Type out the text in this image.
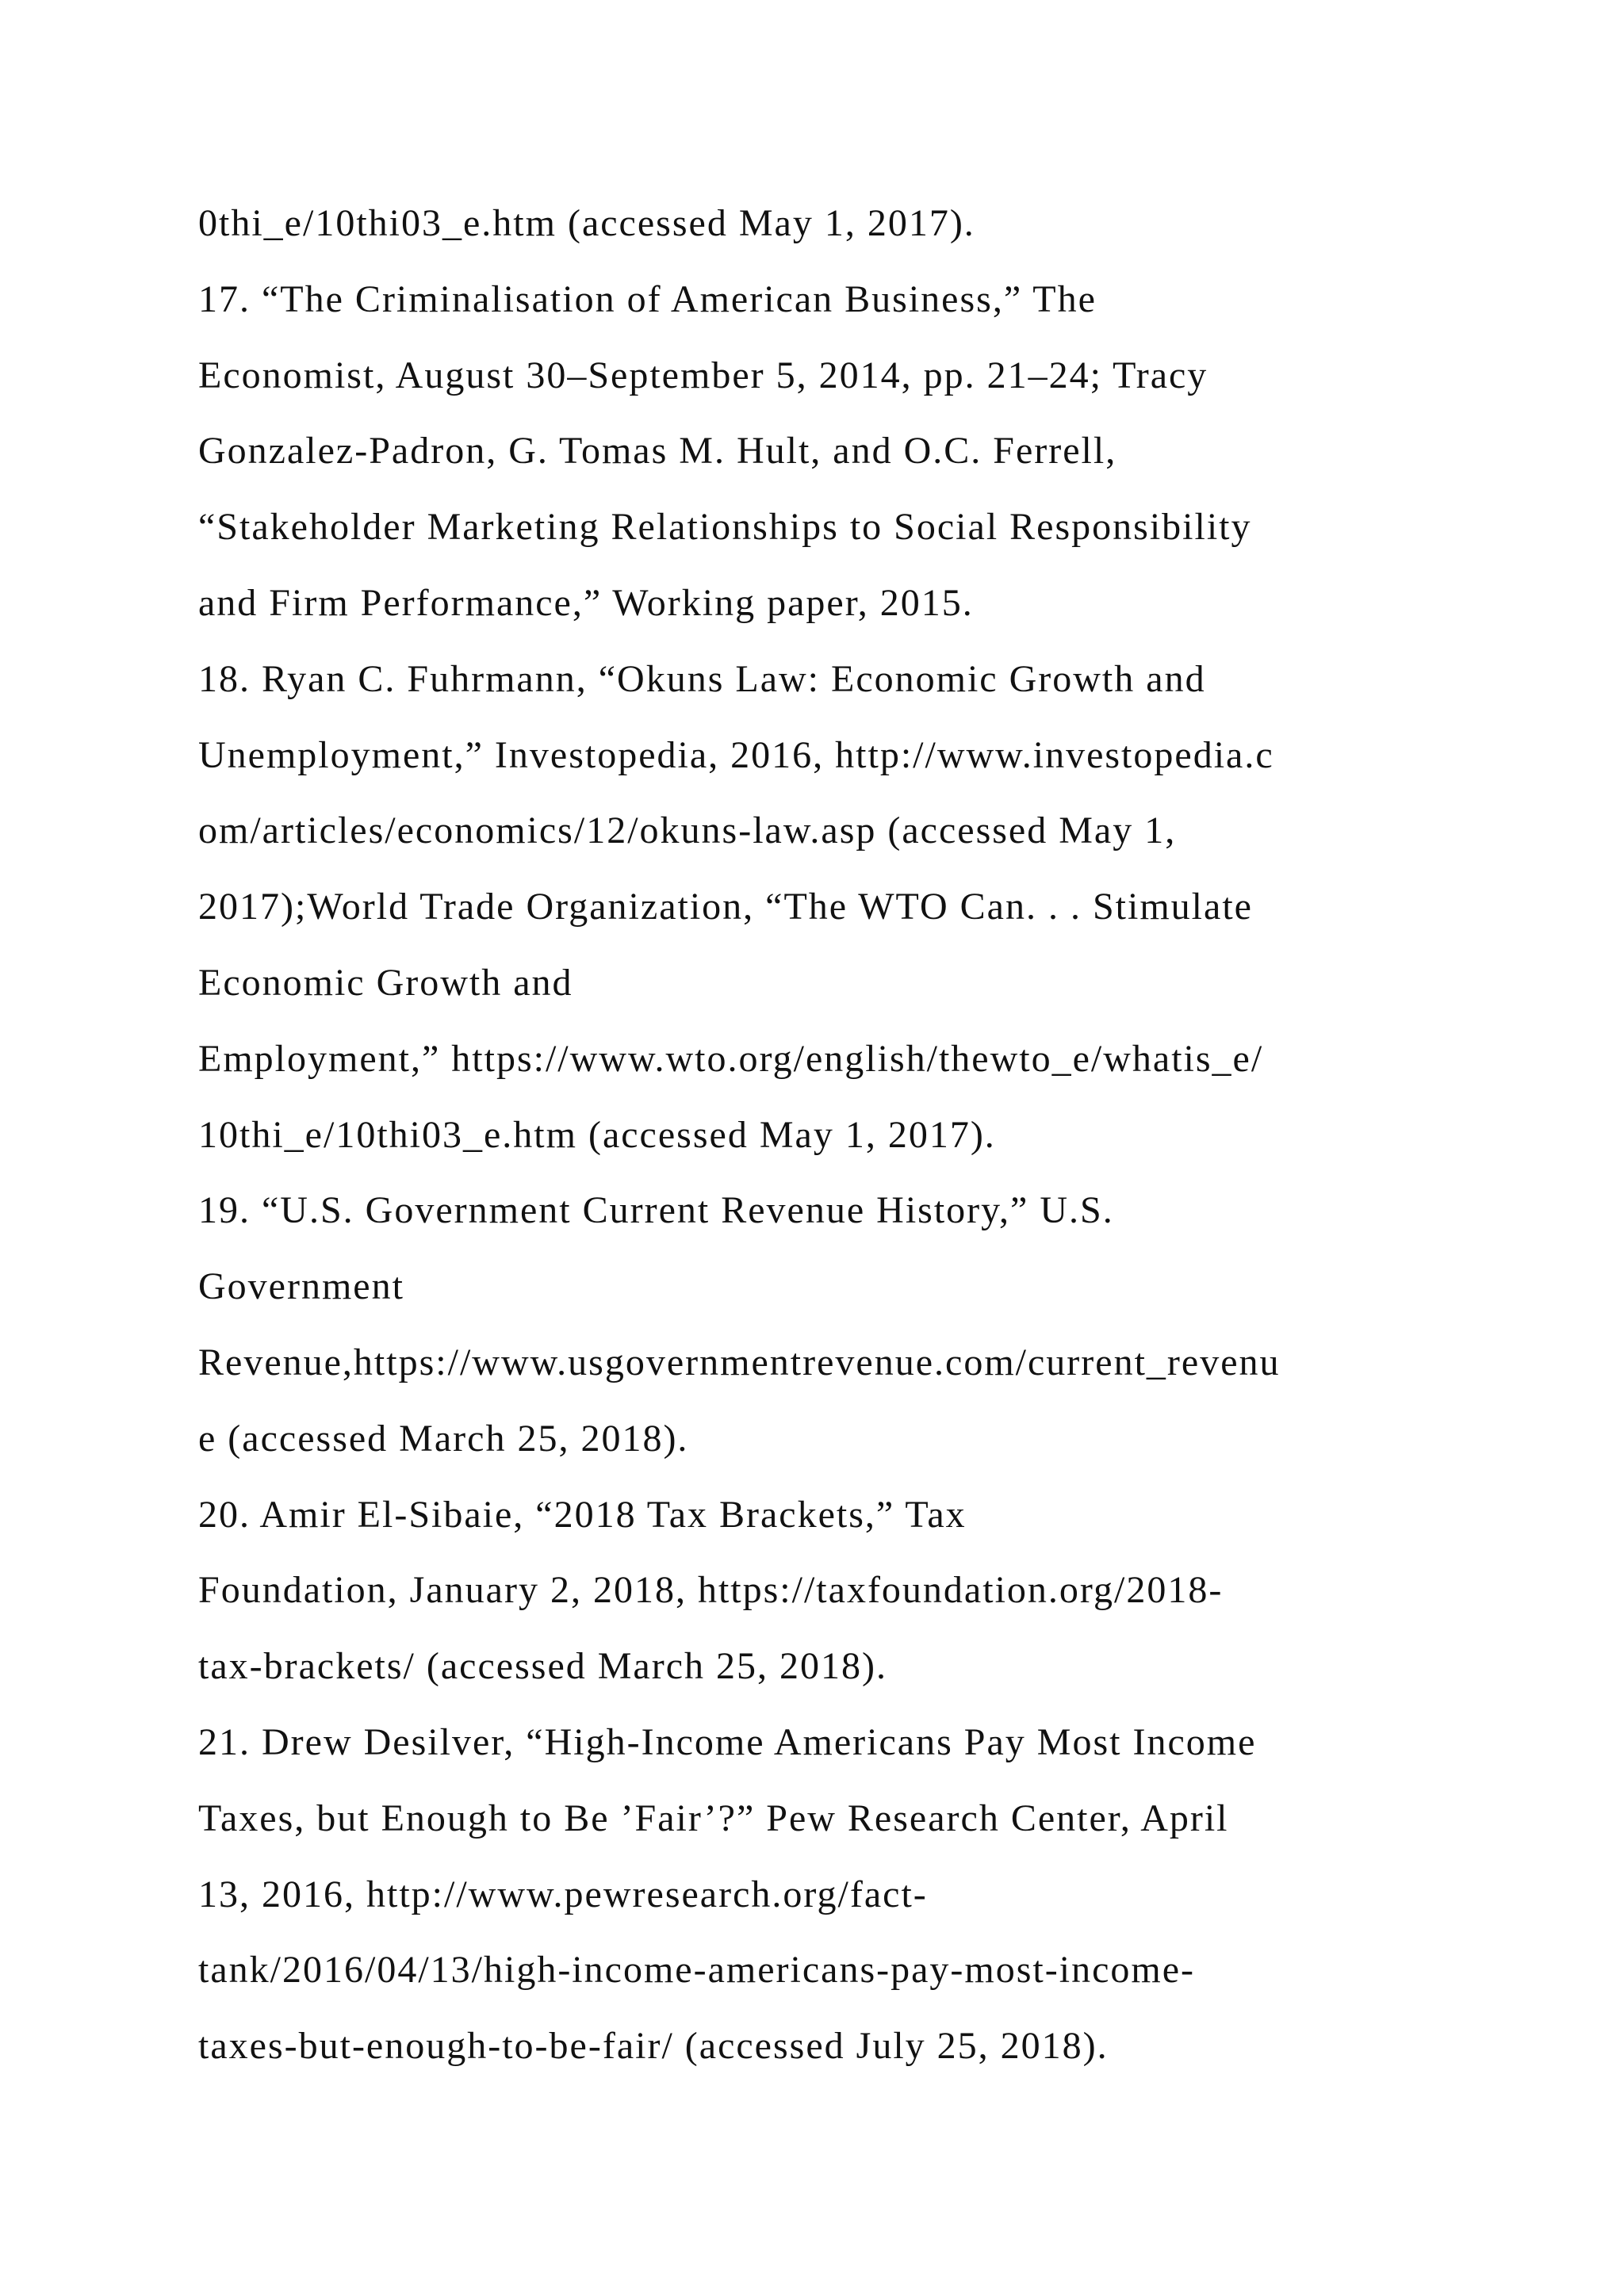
0thi_e/10thi03_e.htm (accessed May 1, 2017).

17. “The Criminalisation of American Business,” The

Economist, August 30–September 5, 2014, pp. 21–24; Tracy

Gonzalez-Padron, G. Tomas M. Hult, and O.C. Ferrell,

“Stakeholder Marketing Relationships to Social Responsibility

and Firm Performance,” Working paper, 2015.

18. Ryan C. Fuhrmann, “Okuns Law: Economic Growth and

Unemployment,” Investopedia, 2016, http://www.investopedia.c

om/articles/economics/12/okuns-law.asp (accessed May 1,

2017);World Trade Organization, “The WTO Can. . . Stimulate

Economic Growth and

Employment,” https://www.wto.org/english/thewto_e/whatis_e/

10thi_e/10thi03_e.htm (accessed May 1, 2017).

19. “U.S. Government Current Revenue History,” U.S.

Government

Revenue,https://www.usgovernmentrevenue.com/current_revenu

e (accessed March 25, 2018).

20. Amir El-Sibaie, “2018 Tax Brackets,” Tax

Foundation, January 2, 2018, https://taxfoundation.org/2018-

tax-brackets/ (accessed March 25, 2018).

21. Drew Desilver, “High-Income Americans Pay Most Income

Taxes, but Enough to Be ’Fair’?” Pew Research Center, April

13, 2016, http://www.pewresearch.org/fact-

tank/2016/04/13/high-income-americans-pay-most-income-

taxes-but-enough-to-be-fair/ (accessed July 25, 2018).
